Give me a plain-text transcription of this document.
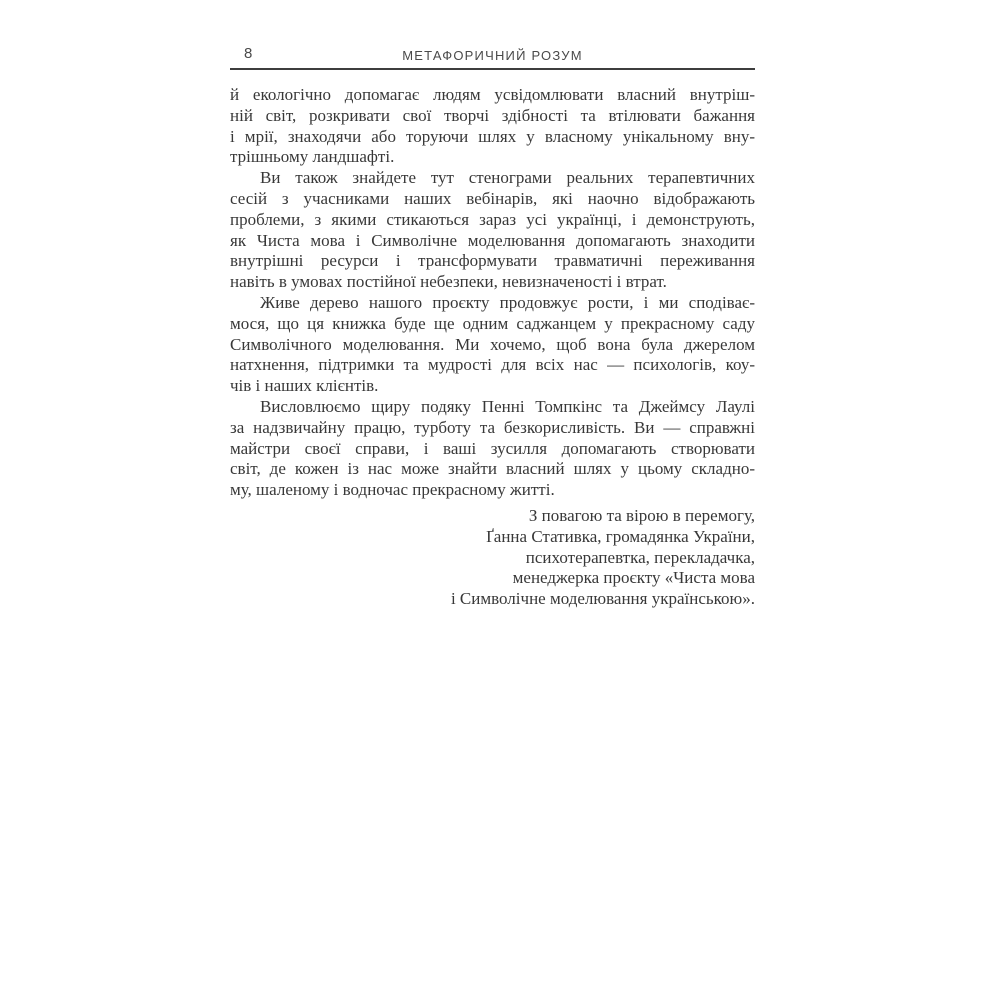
8	МЕТАФОРИЧНИЙ РОЗУМ

й екологічно допомагає людям усвідомлювати власний внутріш-
ній світ, розкривати свої творчі здібності та втілювати бажання
і мрії, знаходячи або торуючи шлях у власному унікальному вну-
трішньому ландшафті.

Ви також знайдете тут стенограми реальних терапевтичних
сесій з учасниками наших вебінарів, які наочно відображають
проблеми, з якими стикаються зараз усі українці, і демонструють,
як Чиста мова і Символічне моделювання допомагають знаходити
внутрішні ресурси і трансформувати травматичні переживання
навіть в умовах постійної небезпеки, невизначеності і втрат.

Живе дерево нашого проєкту продовжує рости, і ми сподіває-
мося, що ця книжка буде ще одним саджанцем у прекрасному саду
Символічного моделювання. Ми хочемо, щоб вона була джерелом
натхнення, підтримки та мудрості для всіх нас — психологів, коу-
чів і наших клієнтів.

Висловлюємо щиру подяку Пенні Томпкінс та Джеймсу Лаулі
за надзвичайну працю, турботу та безкорисливість. Ви — справжні
майстри своєї справи, і ваші зусилля допомагають створювати
світ, де кожен із нас може знайти власний шлях у цьому складно-
му, шаленому і водночас прекрасному житті.

З повагою та вірою в перемогу,
Ґанна Стативка, громадянка України,
психотерапевтка, перекладачка,
менеджерка проєкту «Чиста мова
і Символічне моделювання українською».
